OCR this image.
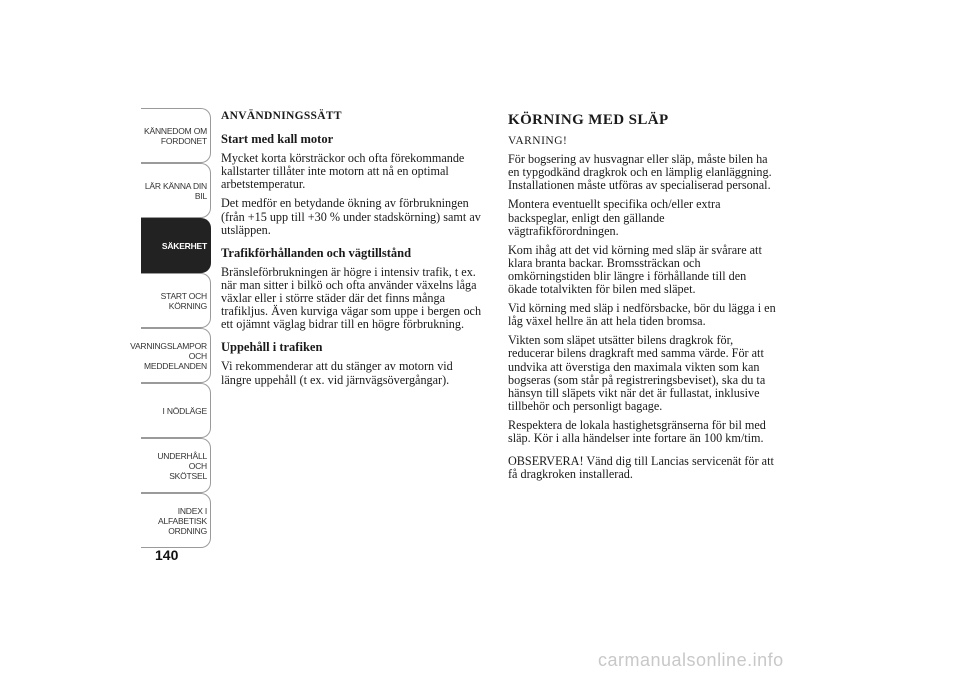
KÄNNEDOM OM
FORDONET
LÄR KÄNNA DIN
BIL
SÄKERHET
START OCH
KÖRNING
VARNINGSLAMPOR
OCH
MEDDELANDEN
I NÖDLÄGE
UNDERHÅLL OCH
SKÖTSEL
INDEX I
ALFABETISK
ORDNING
140
ANVÄNDNINGSSÄTT
Start med kall motor

Mycket korta körsträckor och ofta förekommande kallstarter tillåter inte motorn att nå en optimal arbetstemperatur.

Det medför en betydande ökning av förbrukningen (från +15 upp till +30 % under stadskörning) samt av utsläppen.

Trafikförhållanden och vägtillstånd

Bränsleförbrukningen är högre i intensiv trafik, t ex. när man sitter i bilkö och ofta använder växelns låga växlar eller i större städer där det finns många trafikljus. Även kurviga vägar som uppe i bergen och ett ojämnt väglag bidrar till en högre förbrukning.

Uppehåll i trafiken

Vi rekommenderar att du stänger av motorn vid längre uppehåll (t ex. vid järnvägsövergångar).

KÖRNING MED SLÄP
VARNING!

För bogsering av husvagnar eller släp, måste bilen ha en typgodkänd dragkrok och en lämplig elanläggning. Installationen måste utföras av specialiserad personal.

Montera eventuellt specifika och/eller extra backspeglar, enligt den gällande vägtrafikförordningen.

Kom ihåg att det vid körning med släp är svårare att klara branta backar. Bromssträckan och omkörningstiden blir längre i förhållande till den ökade totalvikten för bilen med släpet.

Vid körning med släp i nedförsbacke, bör du lägga i en låg växel hellre än att hela tiden bromsa.

Vikten som släpet utsätter bilens dragkrok för, reducerar bilens dragkraft med samma värde. För att undvika att överstiga den maximala vikten som kan bogseras (som står på registreringsbeviset), ska du ta hänsyn till släpets vikt när det är fullastat, inklusive tillbehör och personligt bagage.

Respektera de lokala hastighetsgränserna för bil med släp. Kör i alla händelser inte fortare än 100 km/tim.

OBSERVERA! Vänd dig till Lancias servicenät för att få dragkroken installerad.

carmanualsonline.info
